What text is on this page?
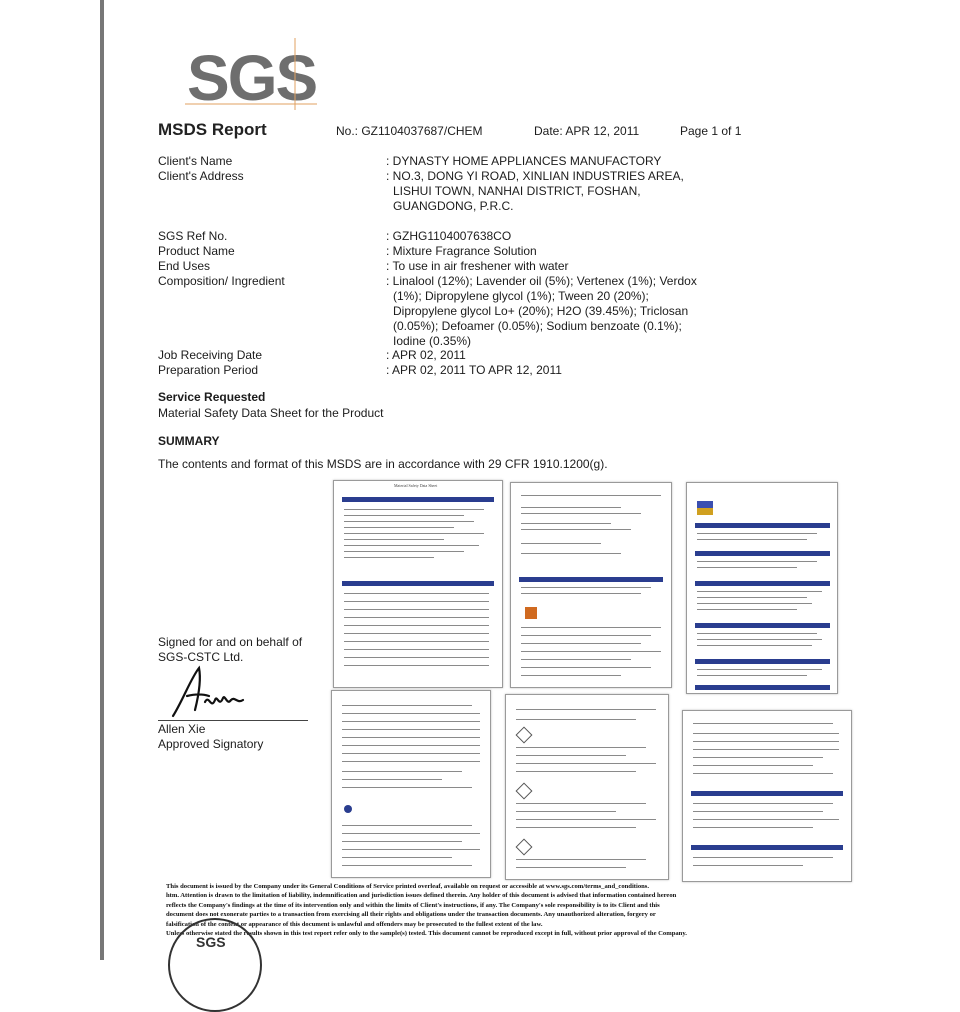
SGS
MSDS Report	No.: GZ1104037687/CHEM	Date: APR 12, 2011	Page 1 of 1
Client's Name	: DYNASTY HOME APPLIANCES MANUFACTORY
Client's Address	: NO.3, DONG YI ROAD, XINLIAN INDUSTRIES AREA,
LISHUI TOWN, NANHAI DISTRICT, FOSHAN,
GUANGDONG, P.R.C.
SGS Ref No.	: GZHG1104007638CO
Product Name	: Mixture Fragrance Solution
End Uses	: To use in air freshener with water
Composition/ Ingredient	: Linalool (12%); Lavender oil (5%); Vertenex (1%); Verdox
(1%); Dipropylene glycol (1%); Tween 20 (20%);
Dipropylene glycol Lo+ (20%); H2O (39.45%); Triclosan
(0.05%); Defoamer (0.05%); Sodium benzoate (0.1%);
Iodine (0.35%)
Job Receiving Date	: APR 02, 2011
Preparation Period	: APR 02, 2011 TO APR 12, 2011
Service Requested
Material Safety Data Sheet for the Product
SUMMARY
The contents and format of this MSDS are in accordance with 29 CFR 1910.1200(g).
Material Safety Data Sheet
Signed for and on behalf of
SGS-CSTC Ltd.
Allen Xie
Approved Signatory
This document is issued by the Company under its General Conditions of Service printed overleaf, available on request or accessible at www.sgs.com/terms_and_conditions.
htm. Attention is drawn to the limitation of liability, indemnification and jurisdiction issues defined therein. Any holder of this document is advised that information contained hereon
reflects the Company's findings at the time of its intervention only and within the limits of Client's instructions, if any. The Company's sole responsibility is to its Client and this
document does not exonerate parties to a transaction from exercising all their rights and obligations under the transaction documents. Any unauthorized alteration, forgery or
falsification of the content or appearance of this document is unlawful and offenders may be prosecuted to the fullest extent of the law.
Unless otherwise stated the results shown in this test report refer only to the sample(s) tested. This document cannot be reproduced except in full, without prior approval of the Company.
SGS
